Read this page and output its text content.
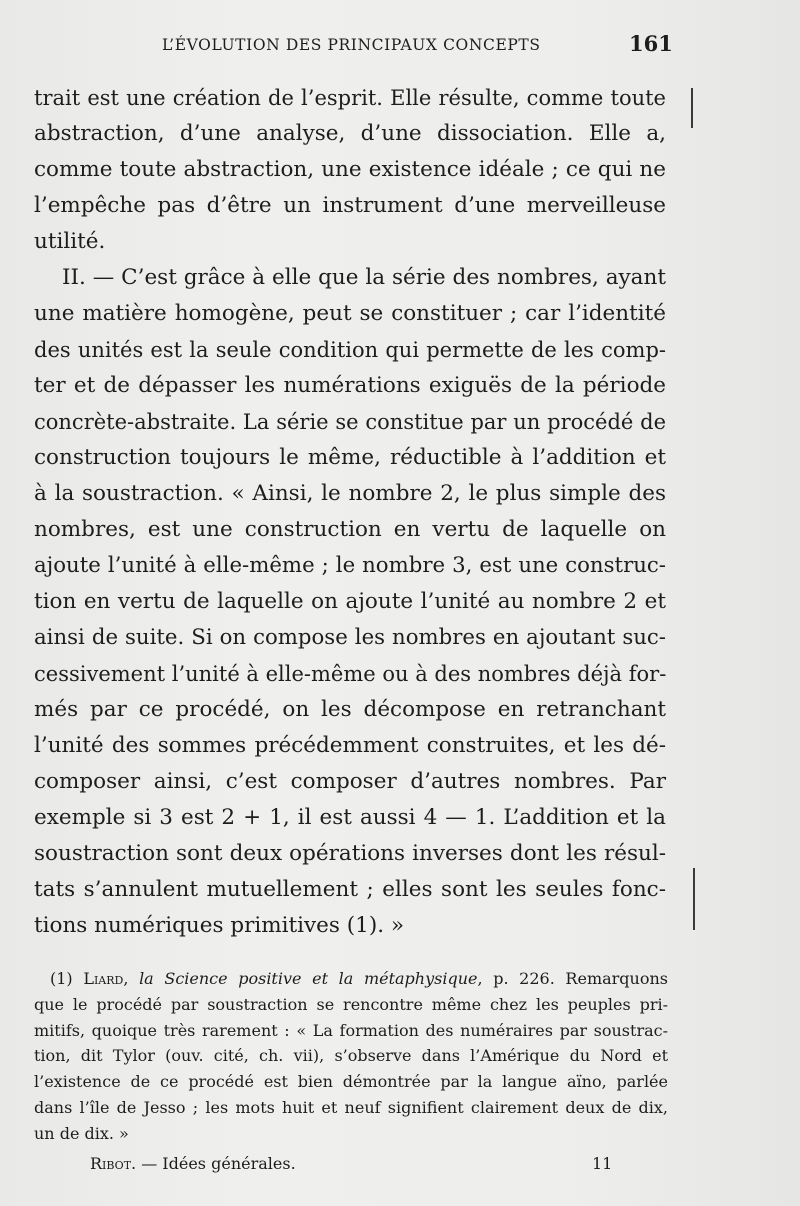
L’ÉVOLUTION DES PRINCIPAUX CONCEPTS	161
trait est une création de l’esprit. Elle résulte, comme toute
abstraction, d’une analyse, d’une dissociation. Elle a,
comme toute abstraction, une existence idéale ; ce qui ne
l’empêche pas d’être un instrument d’une merveilleuse
utilité.
II. — C’est grâce à elle que la série des nombres, ayant
une matière homogène, peut se constituer ; car l’identité
des unités est la seule condition qui permette de les comp-
ter et de dépasser les numérations exiguës de la période
concrète-abstraite. La série se constitue par un procédé de
construction toujours le même, réductible à l’addition et
à la soustraction. « Ainsi, le nombre 2, le plus simple des
nombres, est une construction en vertu de laquelle on
ajoute l’unité à elle-même ; le nombre 3, est une construc-
tion en vertu de laquelle on ajoute l’unité au nombre 2 et
ainsi de suite. Si on compose les nombres en ajoutant suc-
cessivement l’unité à elle-même ou à des nombres déjà for-
més par ce procédé, on les décompose en retranchant
l’unité des sommes précédemment construites, et les dé-
composer ainsi, c’est composer d’autres nombres. Par
exemple si 3 est 2 + 1, il est aussi 4 — 1. L’addition et la
soustraction sont deux opérations inverses dont les résul-
tats s’annulent mutuellement ; elles sont les seules fonc-
tions numériques primitives (1). »
(1) Liard, la Science positive et la métaphysique, p. 226. Remarquons
que le procédé par soustraction se rencontre même chez les peuples pri-
mitifs, quoique très rarement : « La formation des numéraires par soustrac-
tion, dit Tylor (ouv. cité, ch. vii), s’observe dans l’Amérique du Nord et
l’existence de ce procédé est bien démontrée par la langue aïno, parlée
dans l’île de Jesso ; les mots huit et neuf signifient clairement deux de dix,
un de dix. »
Ribot. — Idées générales.	11
